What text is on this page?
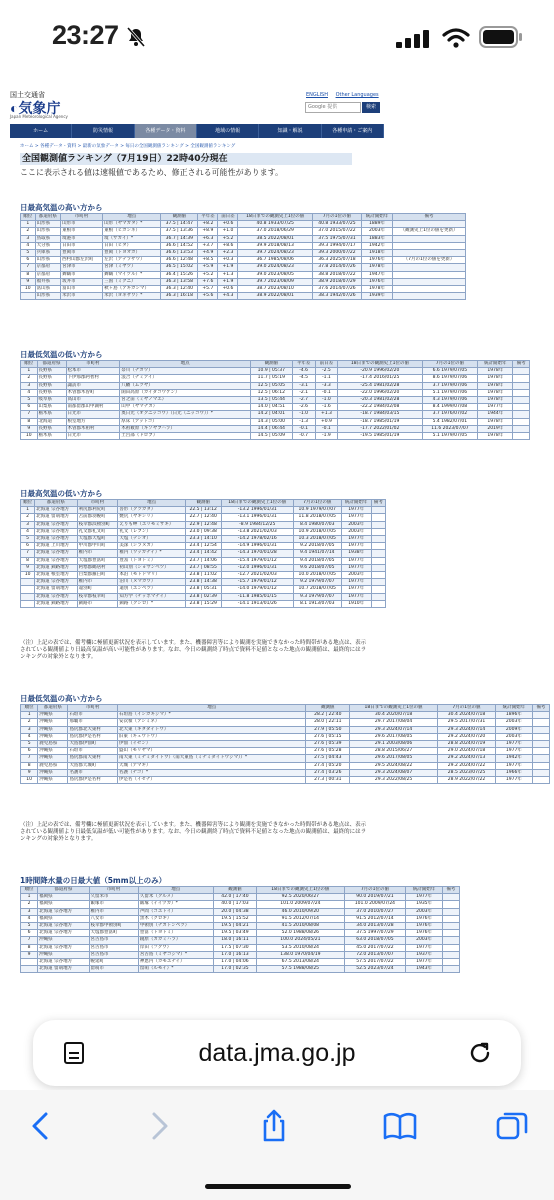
23:27
国土交通省
◐気象庁
Japan Meteorological Agency
ENGLISH Other Languages
Google 提供	検索
ホーム	防災情報	各種データ・資料	地域の情報	知識・解説	各種申請・ご案内
ホーム > 各種データ・資料 > 最新の気象データ > 毎日の全国観測値ランキング > 全国観測値ランキング
全国観測値ランキング（7月19日）22時40分現在
ここに表示される値は速報値であるため、修正される可能性があります。
日最高気温の高い方から
順位	都道府県	市町村	地点	観測値	平年差	前日差	18日までの観測史上1位の値	7月の1位の値	統計開始年	備考
1	山形県	山形市	山形（ヤマガタ）*	37.5 | 14:47	+8.2	+0.6	40.8 1933/07/25	40.8 1933/07/25	1889年	
2	山形県	東根市	東根（ヒガシネ）	37.5 | 13:36	+8.9	+1.0	37.0 2018/06/29	37.0 2015/07/22	2003年	（観測史上1位の値を更新）
3	鳥取県	境港市	境（サカイ）*	36.7 | 14:39	+6.3	+5.2	38.5 2022/08/01	37.5 1975/07/31	1883年	
4	大分県	日田市	日田（ヒタ）	36.6 | 14:52	+3.7	+8.6	39.9 2018/08/13	39.3 1994/07/17	1942年	
5	兵庫県	豊岡市	豊岡（トヨオカ）	36.6 | 13:53	+4.9	+2.3	39.7 2024/08/23	39.3 2000/07/22	1918年	
6	山形県	西村山郡左沢町	左沢（アテラザワ）	36.6 | 12:48	+8.5	+0.3	36.7 1985/08/06	36.3 2025/07/18	1976年	（7月の1位の値を更新）
7	京都府	宮津市	宮津（ミヤヅ）	36.5 | 15:02	+5.9	+1.9	39.0 2024/08/23	37.8 2014/07/26	1978年	
8	京都府	舞鶴市	舞鶴（マイヅル）*	36.4 | 15:26	+5.2	+1.3	39.0 2023/08/05	38.8 2018/07/22	1947年	
9	福井県	坂井市	三国（ミクニ）	36.3 | 13:58	+7.6	+1.9	39.7 2023/08/09	38.9 2018/07/29	1976年	
10	富山県	富山市	秋ヶ島（アキガシマ）	36.3 | 12:40	+5.7	+0.6	38.7 2023/08/10	37.6 2014/07/26	1978年	
	山形県	米沢市	米沢（ヨネザワ）*	36.3 | 16:18	+5.6	+4.3	38.9 2022/08/01	38.3 1942/07/26	1939年	
日最低気温の低い方から
順位	都道府県	市町村	地点	観測値	平年差	前日差	18日までの観測史上1位の値	7月の1位の値	統計開始年	備考
1	長野県	松本市	奈川（ナガワ）	10.9 | 05:37	-4.6	-2.5	-20.9 1996/02/20	6.6 1979/07/05	1978年	
2	長野県	下伊那郡阿智村	浪合（ナミアイ）	11.7 | 05:19	-4.5	-1.1	-17.4 2016/01/25	8.6 1979/07/06	1978年	
3	長野県	諏訪市	八幡（ムツヤ）	12.5 | 05:05	-3.1	-3.3	-25.4 1981/02/28	3.7 1979/07/06	1978年	
4	長野県	木曽郡木曽町	開田高原（カイダコウゲン）	12.5 | 06:12	-2.1	-0.1	-22.0 1996/02/20	5.1 1979/07/06	1978年	
5	岐阜県	高山市	宮之前（ミヤノマエ）	13.5 | 05:44	-2.7	-1.0	-20.3 1981/02/28	4.3 1979/07/06	1978年	
6	山梨県	南都留郡山中湖村	山中（ヤマナカ）	14.0 | 04:51	-2.6	-1.6	-22.2 1984/02/08	8.4 1999/07/08	1977年	
7	栃木県	日光市	奥日光（オクニッコウ）（日光（ニッコウ））*	14.2 | 04:01	-1.0	+1.3	-18.7 1984/03/15	3.7 1976/07/02	1944年	
8	北海道	根室地方	厚床（アットコ）	14.3 | 05:00	-1.3	+0.9	-18.7 1985/01/19	5.4 1982/07/01	1978年	
9	長野県	木曽郡木祖村	木祖薮原（キソヤブハラ）	14.4 | 06:44	-0.1	-0.1	-17.7 2022/01/02	11.6 2023/07/07	2019年	
10	栃木県	日光市	土呂部（ドロブ）	14.5 | 05:09	-0.7	-1.9	-19.5 1985/01/19	5.1 1979/07/05	1978年	
日最高気温の低い方から
順位	都道府県	市町村	地点	観測値	18日までの観測史上1位の値	7月の1位の値	統計開始年	備考
1	北海道 宗谷地方	利尻郡利尻町	沓形（クツガタ）	22.5 | 13:12	-13.2 1996/01/31	10.9 1979/07/07	1977年	
2	北海道 留萌地方	苫前郡羽幌町	焼尻（ヤギシリ）	22.7 | 12:40	-13.1 1996/01/31	11.8 2018/07/05	1977年	
3	北海道 宗谷地方	枝幸郡浜頓別町	えりも岬（エリモミサキ）	22.9 | 12:48	-8.9 1984/12/25	8.4 1980/07/03	2003年	
4	北海道 宗谷地方	礼文郡礼文町	礼文（レブン）	23.0 | 09:38	-13.8 2021/02/03	10.9 2018/07/05	2003年	
5	北海道 宗谷地方	天塩郡天塩町	天塩（テシオ）	23.3 | 14:10	-14.2 1978/02/16	10.3 2018/07/05	1977年	
6	北海道 上川地方	中川郡中川町	美深（シラヌカ）	23.4 | 12:54	-14.9 1996/01/31	9.2 2018/07/05	1977年	
7	北海道 宗谷地方	稚内市	稚内（ワッカナイ）*	23.4 | 14:42	-14.3 1970/01/28	9.4 1941/07/14	1938年	
8	北海道 宗谷地方	天塩郡豊富町	豊富（トヨトミ）	23.7 | 14:06	-15.4 1979/01/12	9.4 2018/07/05	1977年	
9	北海道 釧路地方	阿寒郡鶴居村	初山別（ショサンベツ）	23.7 | 08:55	-12.0 1996/01/31	9.6 2018/07/05	1977年	
10	北海道 根室地方	目梨郡羅臼町	本泊（モトドマリ）	23.8 | 11:02	-12.7 2021/02/03	10.0 2018/07/05	2003年	
	北海道 宗谷地方	稚内市	沼川（ヌマカワ）	23.8 | 14:38	-15.7 1979/01/12	9.2 1979/07/07	1977年	
	北海道 留萌地方	遠別町	遠別（エンベツ）	23.8 | 05:31	-14.0 1979/01/12	10.7 2018/07/05	1977年	
	北海道 宗谷地方	枝幸郡枝幸町	知方学（チッポマナイ）	23.8 | 02:39	-11.8 1985/01/15	9.3 1979/07/07	1977年	
	北海道 釧路地方	釧路市	釧路（クシロ）*	23.8 | 15:29	-14.1 1913/01/26	8.1 1913/07/03	1910年	
（注）上記の表では、備考欄に極値更新状況を表示しています。また、機器障害等により観測を実施できなかった時間帯がある地点は、表示されている観測値より日最高気温が高い可能性があります。なお、今日の観測終了時点で資料不足値となった地点の観測値は、最終的にはランキングの対象外となります。
日最低気温の高い方から
順位	都道府県	市町村	地点	観測値	18日までの観測史上1位の値	7月の1位の値	統計開始年	備考
1	沖縄県	石垣市	石垣島（イシガキジマ）*	28.2 | 22:40	30.4 2020/07/18	30.4 2024/07/18	1896年	
2	沖縄県	那覇市	安次嶺（アシミネ）	28.0 | 22:11	29.7 2017/08/04	29.5 2017/07/31	2003年	
3	沖縄県	島尻郡北大東村	北大東（キタダイトウ）	27.9 | 05:50	29.3 2024/07/14	29.3 2024/07/14	2009年	
4	沖縄県	島尻郡伊是名村	旧東（キュウトウ）	27.6 | 05:15	29.6 2017/08/05	29.2 2024/07/20	2003年	
5	鹿児島県	大島郡伊仙町	伊仙（イセン）	27.6 | 05:39	29.1 2003/08/06	28.8 2024/07/19	1977年	
6	沖縄県	石垣市	盛山（モリヤマ）	27.6 | 05:28	28.8 2015/06/27	29.0 2024/07/18	1977年	
7	沖縄県	島尻郡南大東村	南大東（ミナミダイトウ）（南大東島（ミナミダイトウジマ））*	27.5 | 04:43	29.6 2017/08/05	29.2 2024/07/13	1942年	
8	鹿児島県	大島郡天城町	天城（アマギ）	27.4 | 05:20	29.5 2024/08/22	29.2 2024/07/22	1977年	
9	沖縄県	名護市	名護（ナゴ）*	27.4 | 03:26	29.3 2024/08/07	28.5 2023/07/25	1966年	
10	沖縄県	島尻郡伊是名村	伊是名（イゼナ）	27.3 | 00:31	29.3 2022/08/25	28.9 2022/07/22	1977年	
（注）上記の表では、備考欄に極値更新状況を表示しています。また、機器障害等により観測を実施できなかった時間帯がある地点は、表示されている観測値より日最低気温が低い可能性があります。なお、今日の観測終了時点で資料不足値となった地点の観測値は、最終的にはランキングの対象外となります。
1時間降水量の日最大値（5mm以上のみ）
順位	都道府県	市町村	地点	観測値	18日までの観測史上1位の値	7月の1位の値	統計開始年	備考
1	福岡県	久留米市	久留米（クルメ）	42.0 | 17:40	92.5 2020/06/27	90.0 2019/07/21	1977年	
2	福岡県	飯塚市	飯塚（イイヅカ）*	40.0 | 17:03	101.0 2009/07/24	101.0 2009/07/24	1935年	
3	北海道 宗谷地方	稚内市	声問（コエトイ）	20.0 | 04:38	46.0 2010/09/20	37.0 2010/07/27	2003年	
4	福岡県	八女市	黒木（クロギ）	19.5 | 15:52	91.5 2012/07/14	91.5 2012/07/14	1976年	
5	北海道 宗谷地方	枝幸郡中頓別町	中頓別（ナカトンベツ）	19.5 | 04:21	41.5 2010/08/08	34.0 2013/07/28	1976年	
6	北海道 宗谷地方	天塩郡豊富町	豊富（トヨトミ）	19.5 | 03:49	52.0 1988/08/26	37.5 1997/07/29	1976年	
7	沖縄県	宮古島市	鏡原（カガミハラ）	18.0 | 16:11	100.0 2024/05/21	63.0 2018/07/05	2003年	
8	北海道 宗谷地方	宮古島市	岸田（フクウ）	17.5 | 07:30	53.5 2010/08/24	45.0 2017/07/22	1977年	
9	沖縄県	宮古島市	宮古島（ミヤコジマ）*	17.0 | 16:13	138.0 1970/04/19	72.0 2013/07/07	1937年	
	北海道 宗谷地方	幌延町	神恵内（カモエナイ）	17.0 | 04:06	67.5 2013/08/24	57.5 2017/07/22	1977年	
	北海道 留萌地方	留萌市	留萌（ルモイ）*	17.0 | 02:35	57.5 1988/08/25	52.5 2023/07/24	1943年	
data.jma.go.jp
